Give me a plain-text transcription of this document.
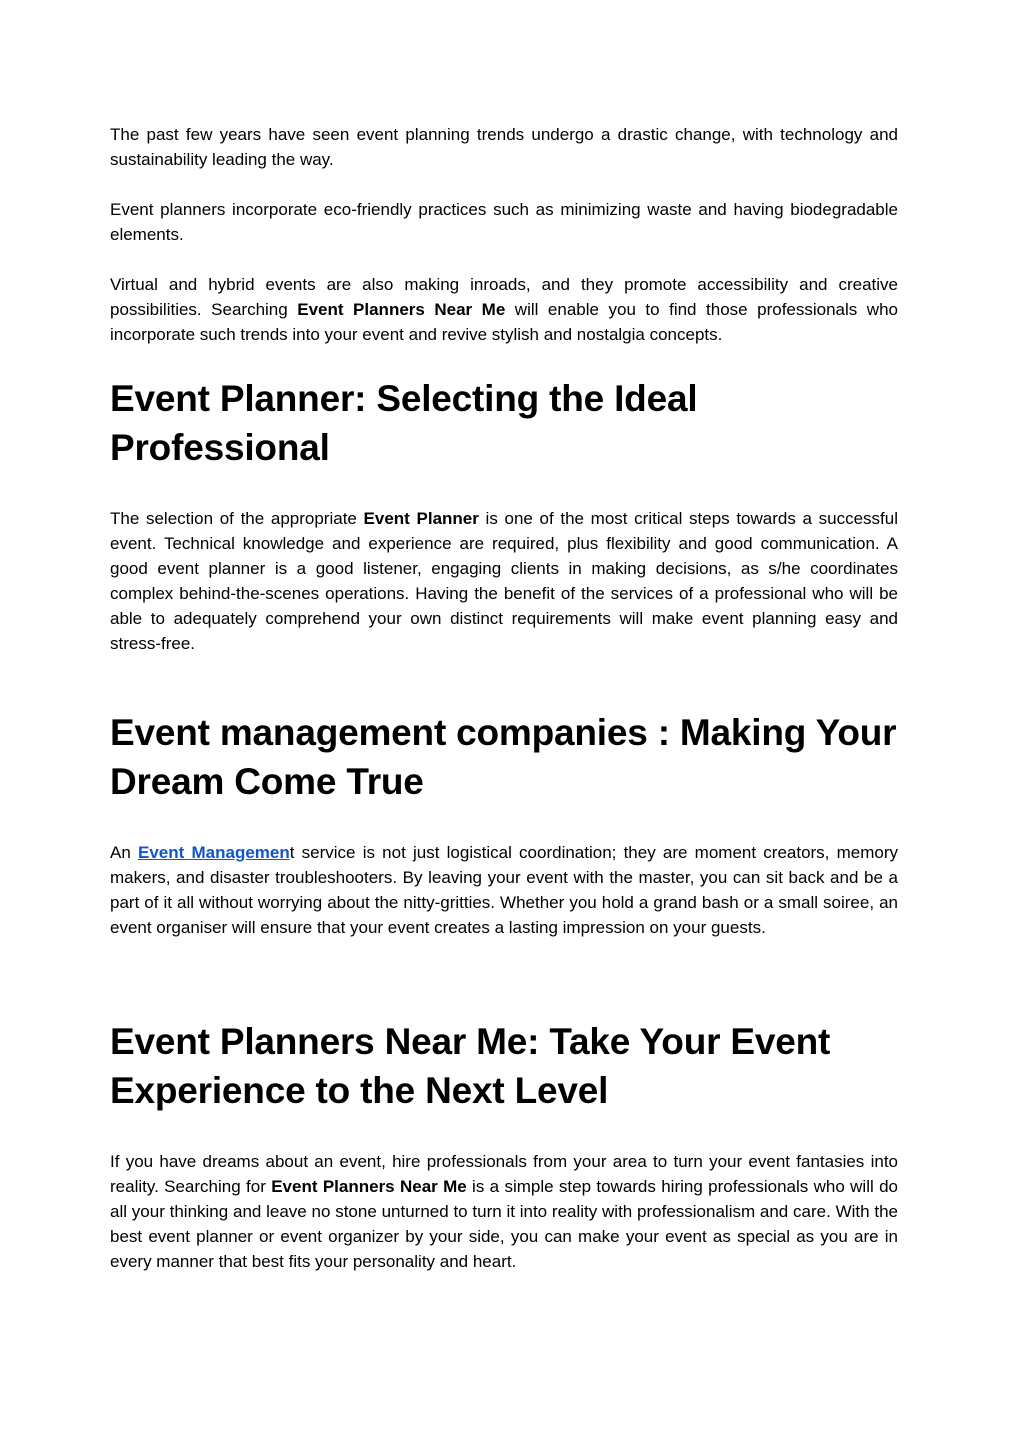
The past few years have seen event planning trends undergo a drastic change, with technology and sustainability leading the way.

Event planners incorporate eco-friendly practices such as minimizing waste and having biodegradable elements.

Virtual and hybrid events are also making inroads, and they promote accessibility and creative possibilities. Searching Event Planners Near Me will enable you to find those professionals who incorporate such trends into your event and revive stylish and nostalgia concepts.

Event Planner: Selecting the Ideal Professional

The selection of the appropriate Event Planner is one of the most critical steps towards a successful event. Technical knowledge and experience are required, plus flexibility and good communication. A good event planner is a good listener, engaging clients in making decisions, as s/he coordinates complex behind-the-scenes operations. Having the benefit of the services of a professional who will be able to adequately comprehend your own distinct requirements will make event planning easy and stress-free.

Event management companies : Making Your Dream Come True

An Event Management service is not just logistical coordination; they are moment creators, memory makers, and disaster troubleshooters. By leaving your event with the master, you can sit back and be a part of it all without worrying about the nitty-gritties. Whether you hold a grand bash or a small soiree, an event organiser will ensure that your event creates a lasting impression on your guests.

Event Planners Near Me: Take Your Event Experience to the Next Level

If you have dreams about an event, hire professionals from your area to turn your event fantasies into reality. Searching for Event Planners Near Me is a simple step towards hiring professionals who will do all your thinking and leave no stone unturned to turn it into reality with professionalism and care. With the best event planner or event organizer by your side, you can make your event as special as you are in every manner that best fits your personality and heart.
